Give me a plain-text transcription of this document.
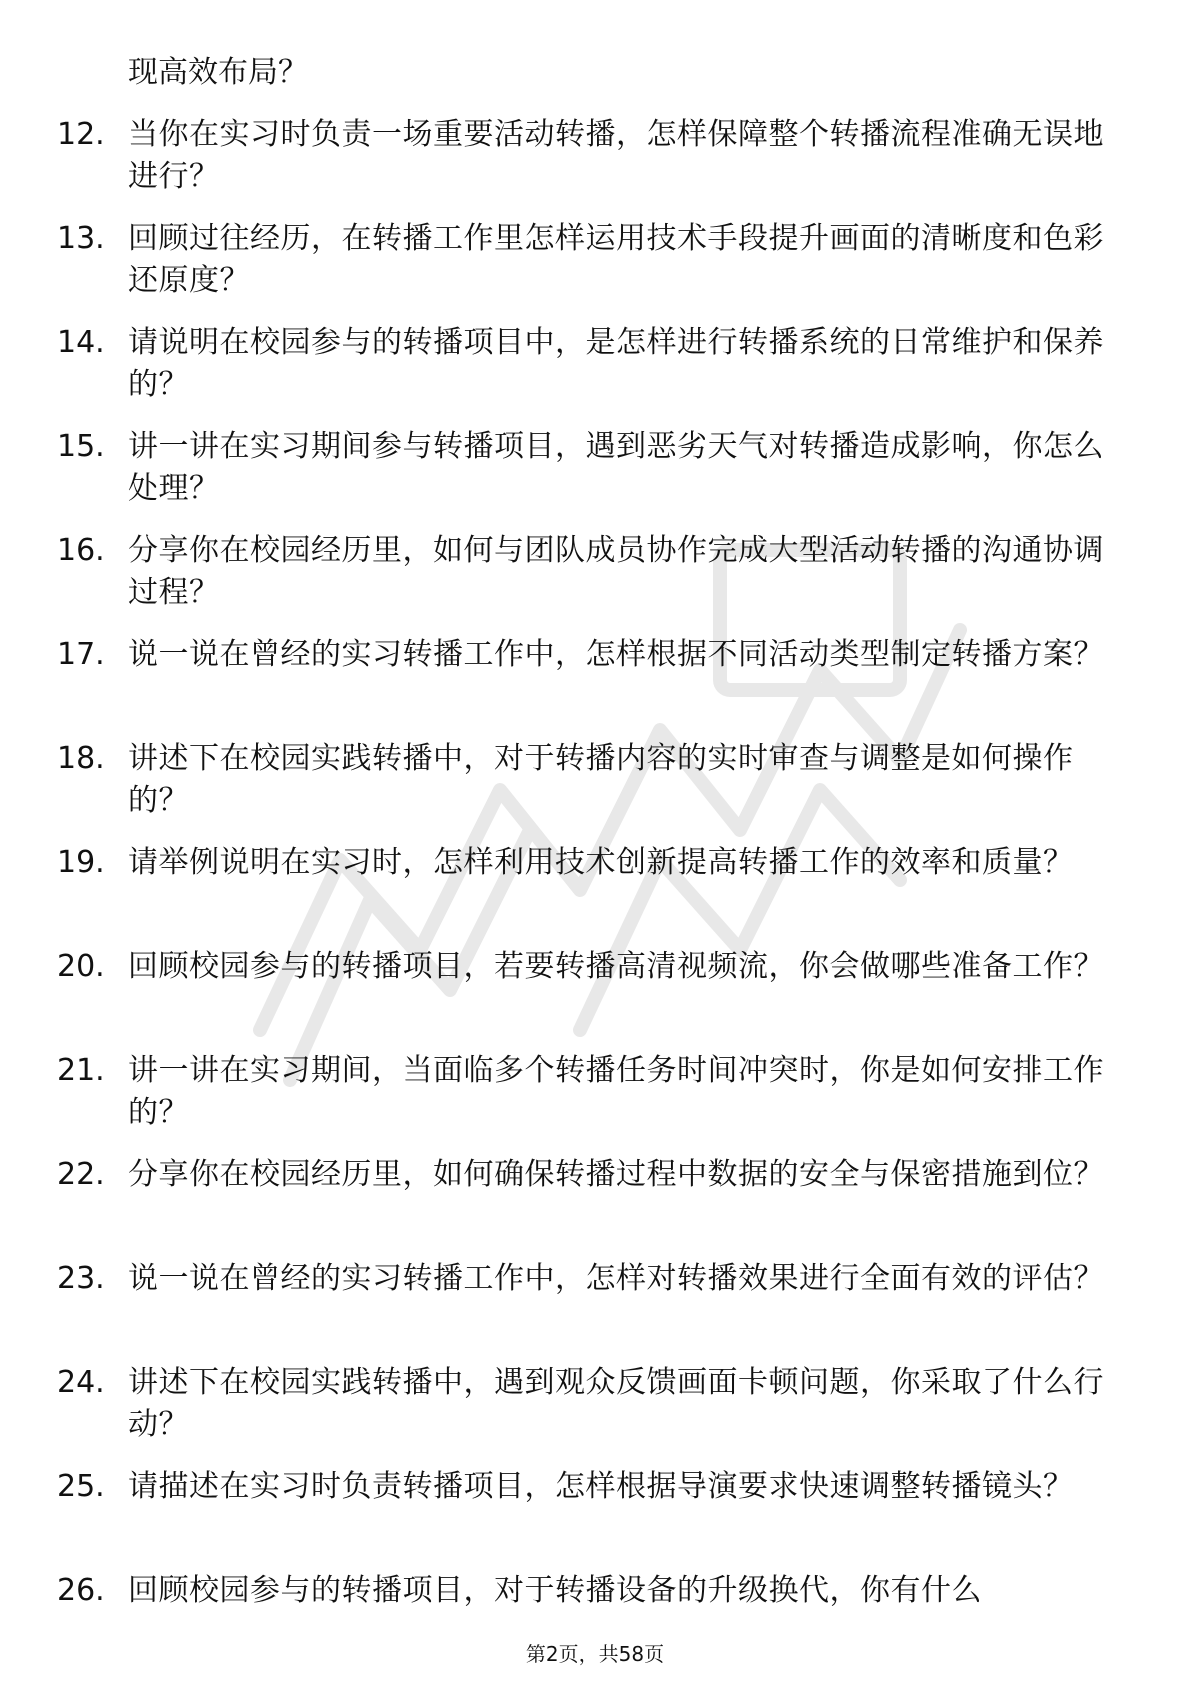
现高效布局？
12. 当你在实习时负责一场重要活动转播，怎样保障整个转播流程准确无误地进行？
13. 回顾过往经历，在转播工作里怎样运用技术手段提升画面的清晰度和色彩还原度？
14. 请说明在校园参与的转播项目中，是怎样进行转播系统的日常维护和保养的？
15. 讲一讲在实习期间参与转播项目，遇到恶劣天气对转播造成影响，你怎么处理？
16. 分享你在校园经历里，如何与团队成员协作完成大型活动转播的沟通协调过程？
17. 说一说在曾经的实习转播工作中，怎样根据不同活动类型制定转播方案？
18. 讲述下在校园实践转播中，对于转播内容的实时审查与调整是如何操作的？
19. 请举例说明在实习时，怎样利用技术创新提高转播工作的效率和质量？
20. 回顾校园参与的转播项目，若要转播高清视频流，你会做哪些准备工作？
21. 讲一讲在实习期间，当面临多个转播任务时间冲突时，你是如何安排工作的？
22. 分享你在校园经历里，如何确保转播过程中数据的安全与保密措施到位？
23. 说一说在曾经的实习转播工作中，怎样对转播效果进行全面有效的评估？
24. 讲述下在校园实践转播中，遇到观众反馈画面卡顿问题，你采取了什么行动？
25. 请描述在实习时负责转播项目，怎样根据导演要求快速调整转播镜头？
26. 回顾校园参与的转播项目，对于转播设备的升级换代，你有什么
第2页，共58页
